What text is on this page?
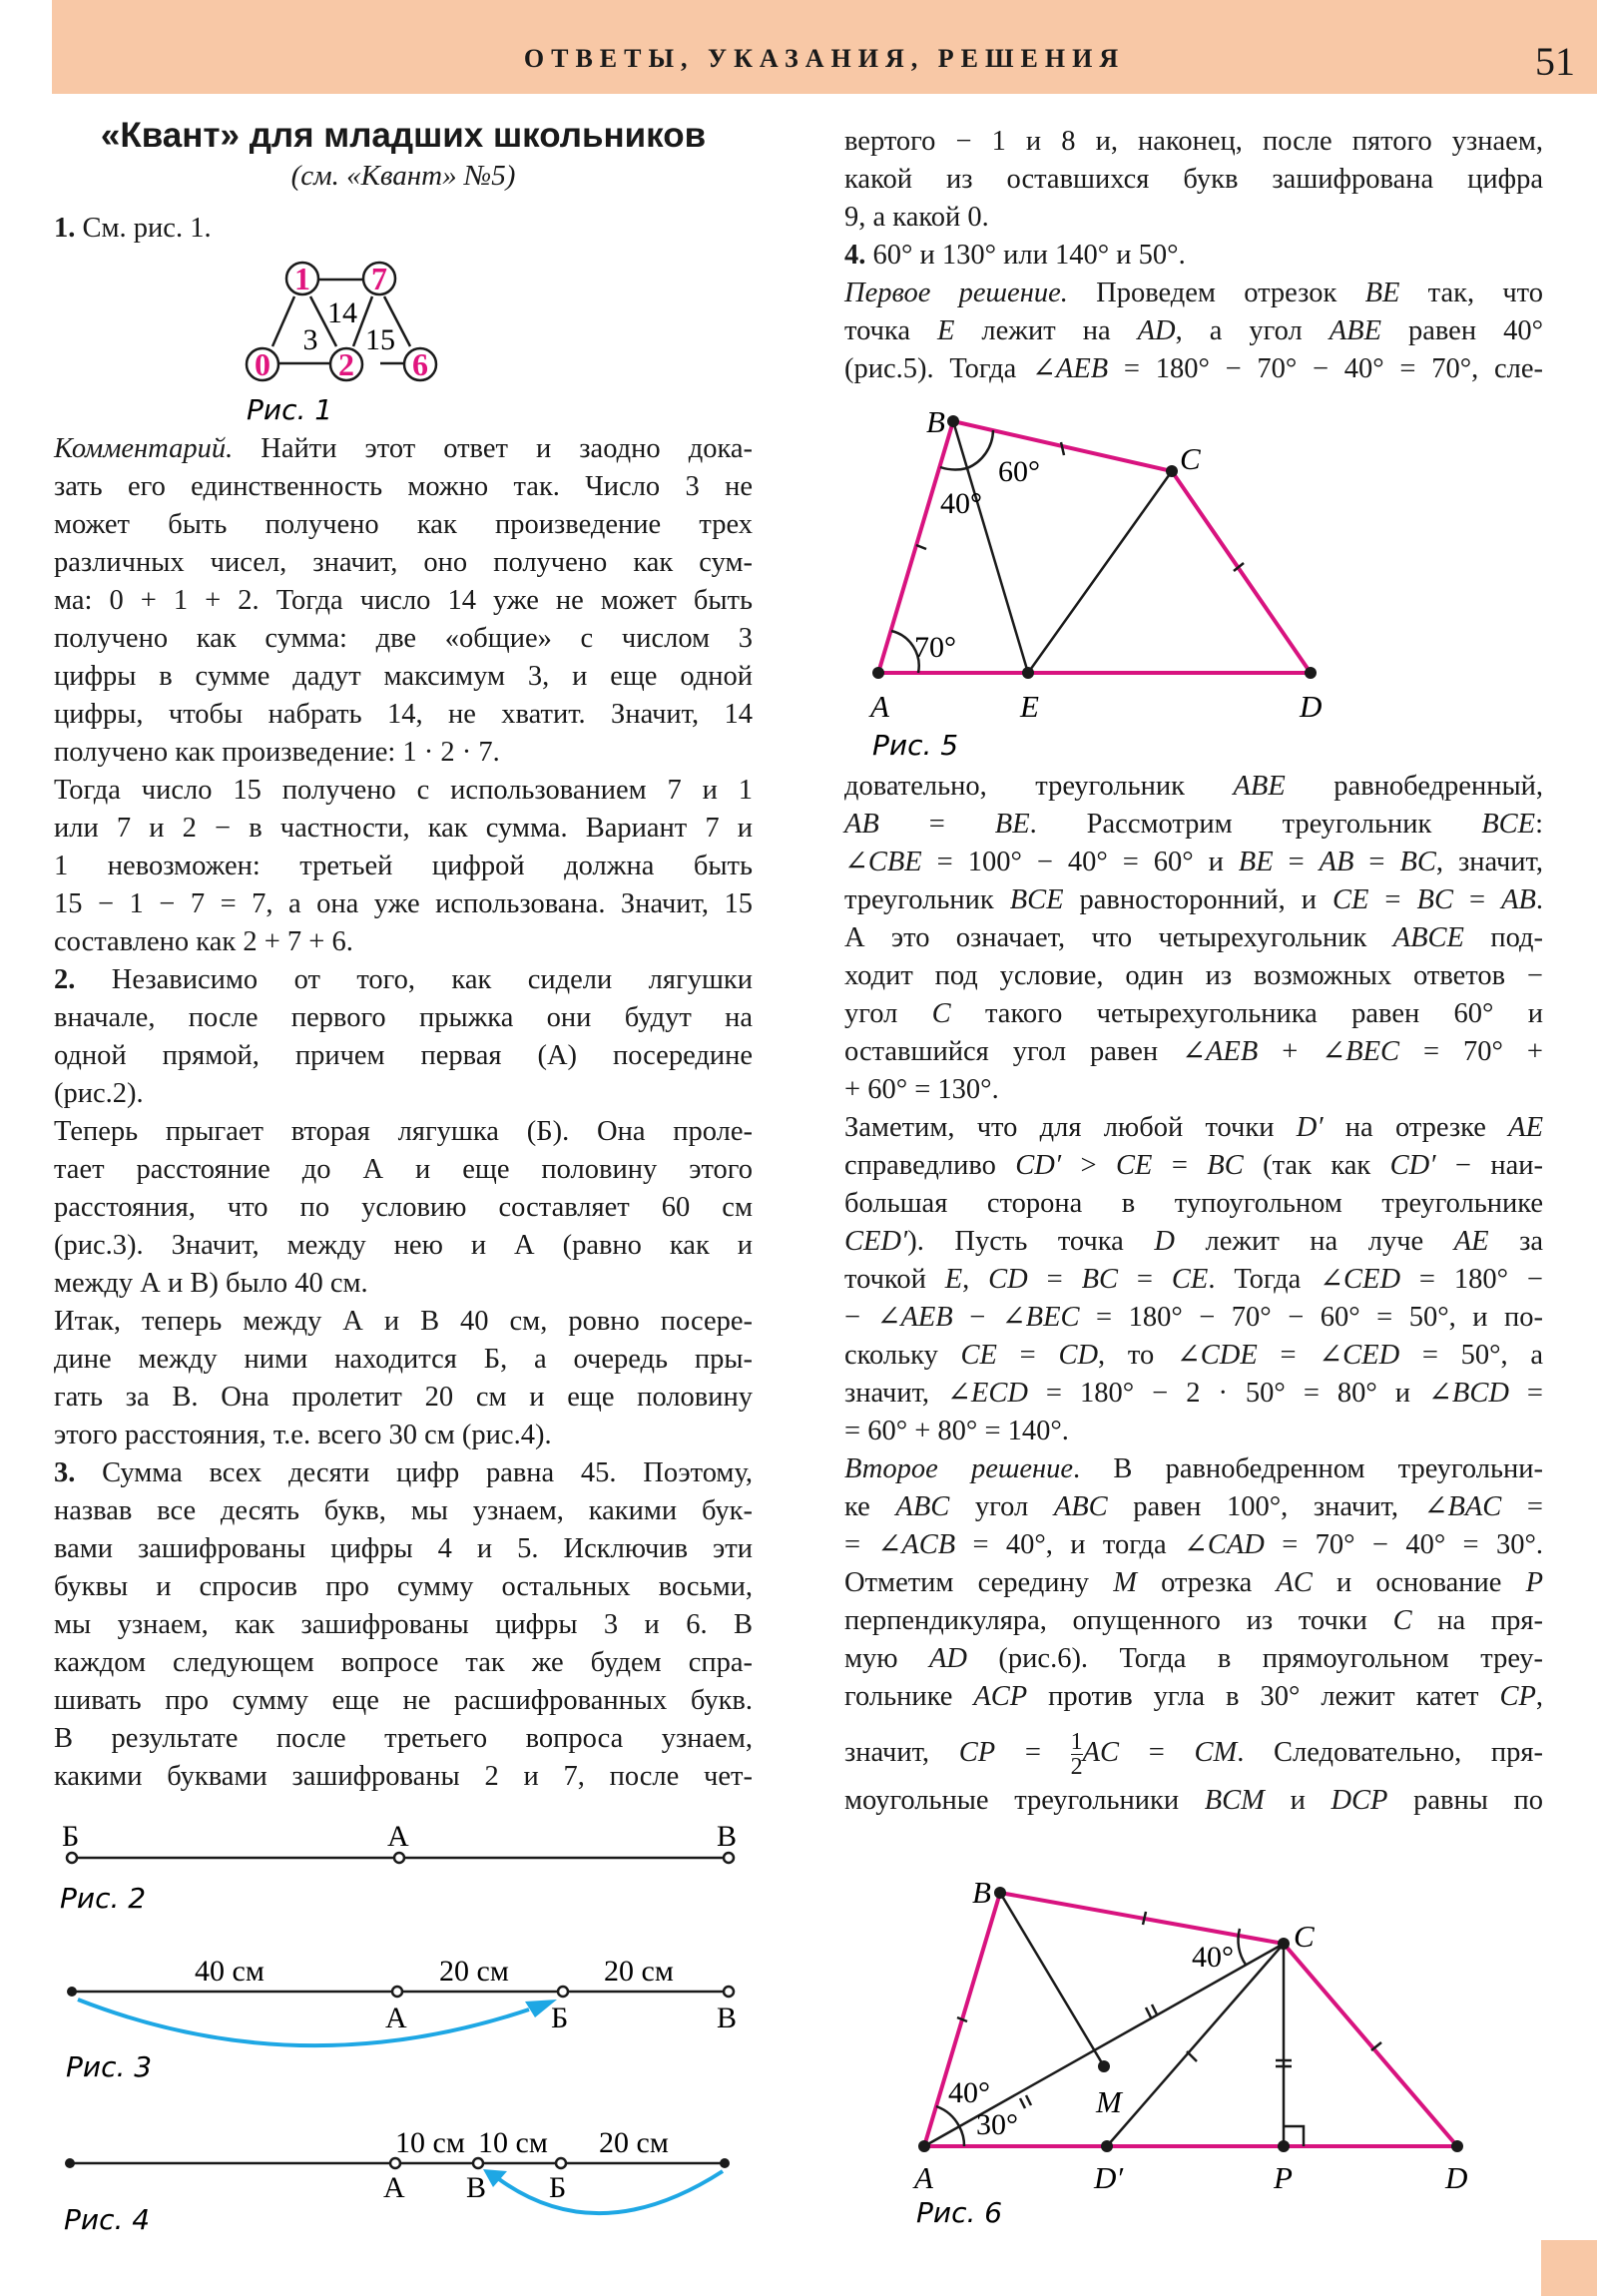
ОТВЕТЫ, УКАЗАНИЯ, РЕШЕНИЯ	51
«Квант» для младших школьников
(см. «Квант» №5)
1. См. рис. 1.
1 7
0 2 6
3
14
15
Рис. 1
Комментарий. Найти этот ответ и заодно дока-
зать его единственность можно так. Число 3 не
может быть получено как произведение трех
различных чисел, значит, оно получено как сум-
ма: 0 + 1 + 2. Тогда число 14 уже не может быть
получено как сумма: две «общие» с числом 3
цифры в сумме дадут максимум 3, и еще одной
цифры, чтобы набрать 14, не хватит. Значит, 14
получено как произведение: 1 · 2 · 7.
Тогда число 15 получено с использованием 7 и 1
или 7 и 2 − в частности, как сумма. Вариант 7 и
1 невозможен: третьей цифрой должна быть
15 − 1 − 7 = 7, а она уже использована. Значит, 15
составлено как 2 + 7 + 6.
2. Независимо от того, как сидели лягушки
вначале, после первого прыжка они будут на
одной прямой, причем первая (А) посередине
(рис.2).
Теперь прыгает вторая лягушка (Б). Она проле-
тает расстояние до А и еще половину этого
расстояния, что по условию составляет 60 см
(рис.3). Значит, между нею и А (равно как и
между А и В) было 40 см.
Итак, теперь между А и В 40 см, ровно посере-
дине между ними находится Б, а очередь пры-
гать за В. Она пролетит 20 см и еще половину
этого расстояния, т.е. всего 30 см (рис.4).
3. Сумма всех десяти цифр равна 45. Поэтому,
назвав все десять букв, мы узнаем, какими бук-
вами зашифрованы цифры 4 и 5. Исключив эти
буквы и спросив про сумму остальных восьми,
мы узнаем, как зашифрованы цифры 3 и 6. В
каждом следующем вопросе так же будем спра-
шивать про сумму еще не расшифрованных букв.
В результате после третьего вопроса узнаем,
какими буквами зашифрованы 2 и 7, после чет-
Б	А	В
Рис. 2
40 см	20 см	20 см
А	Б	В
Рис. 3
10 см 10 см 20 см
А В Б
Рис. 4
вертого − 1 и 8 и, наконец, после пятого узнаем,
какой из оставшихся букв зашифрована цифра
9, а какой 0.
4. 60° и 130° или 140° и 50°.
Первое решение. Проведем отрезок BE так, что
точка E лежит на AD, а угол ABE равен 40°
(рис.5). Тогда ∠AEB = 180° − 70° − 40° = 70°, сле-
B
C
A	E	D
60°
40°
70°
Рис. 5
довательно, треугольник ABE равнобедренный,
AB = BE. Рассмотрим треугольник BCE:
∠CBE = 100° − 40° = 60° и BE = AB = BC, значит,
треугольник BCE равносторонний, и CE = BC = AB.
А это означает, что четырехугольник ABCE под-
ходит под условие, один из возможных ответов −
угол C такого четырехугольника равен 60° и
оставшийся угол равен ∠AEB + ∠BEC = 70° +
+ 60° = 130°.
Заметим, что для любой точки D′ на отрезке AE
справедливо CD′ > CE = BC (так как CD′ − наи-
большая сторона в тупоугольном треугольнике
CED′). Пусть точка D лежит на луче AE за
точкой E, CD = BC = CE. Тогда ∠CED = 180° −
− ∠AEB − ∠BEC = 180° − 70° − 60° = 50°, и по-
скольку CE = CD, то ∠CDE = ∠CED = 50°, а
значит, ∠ECD = 180° − 2 · 50° = 80° и ∠BCD =
= 60° + 80° = 140°.
Второе решение. В равнобедренном треугольни-
ке ABC угол ABC равен 100°, значит, ∠BAC =
= ∠ACB = 40°, и тогда ∠CAD = 70° − 40° = 30°.
Отметим середину M отрезка AC и основание P
перпендикуляра, опущенного из точки C на пря-
мую AD (рис.6). Тогда в прямоугольном треу-
гольнике ACP против угла в 30° лежит катет CP,
значит, CP = $\frac{1}{2}$ AC = CM. Следовательно, пря-
моугольные треугольники BCM и DCP равны по
B
C
M
A	D′	P	D
40°
40°
30°
Рис. 6
